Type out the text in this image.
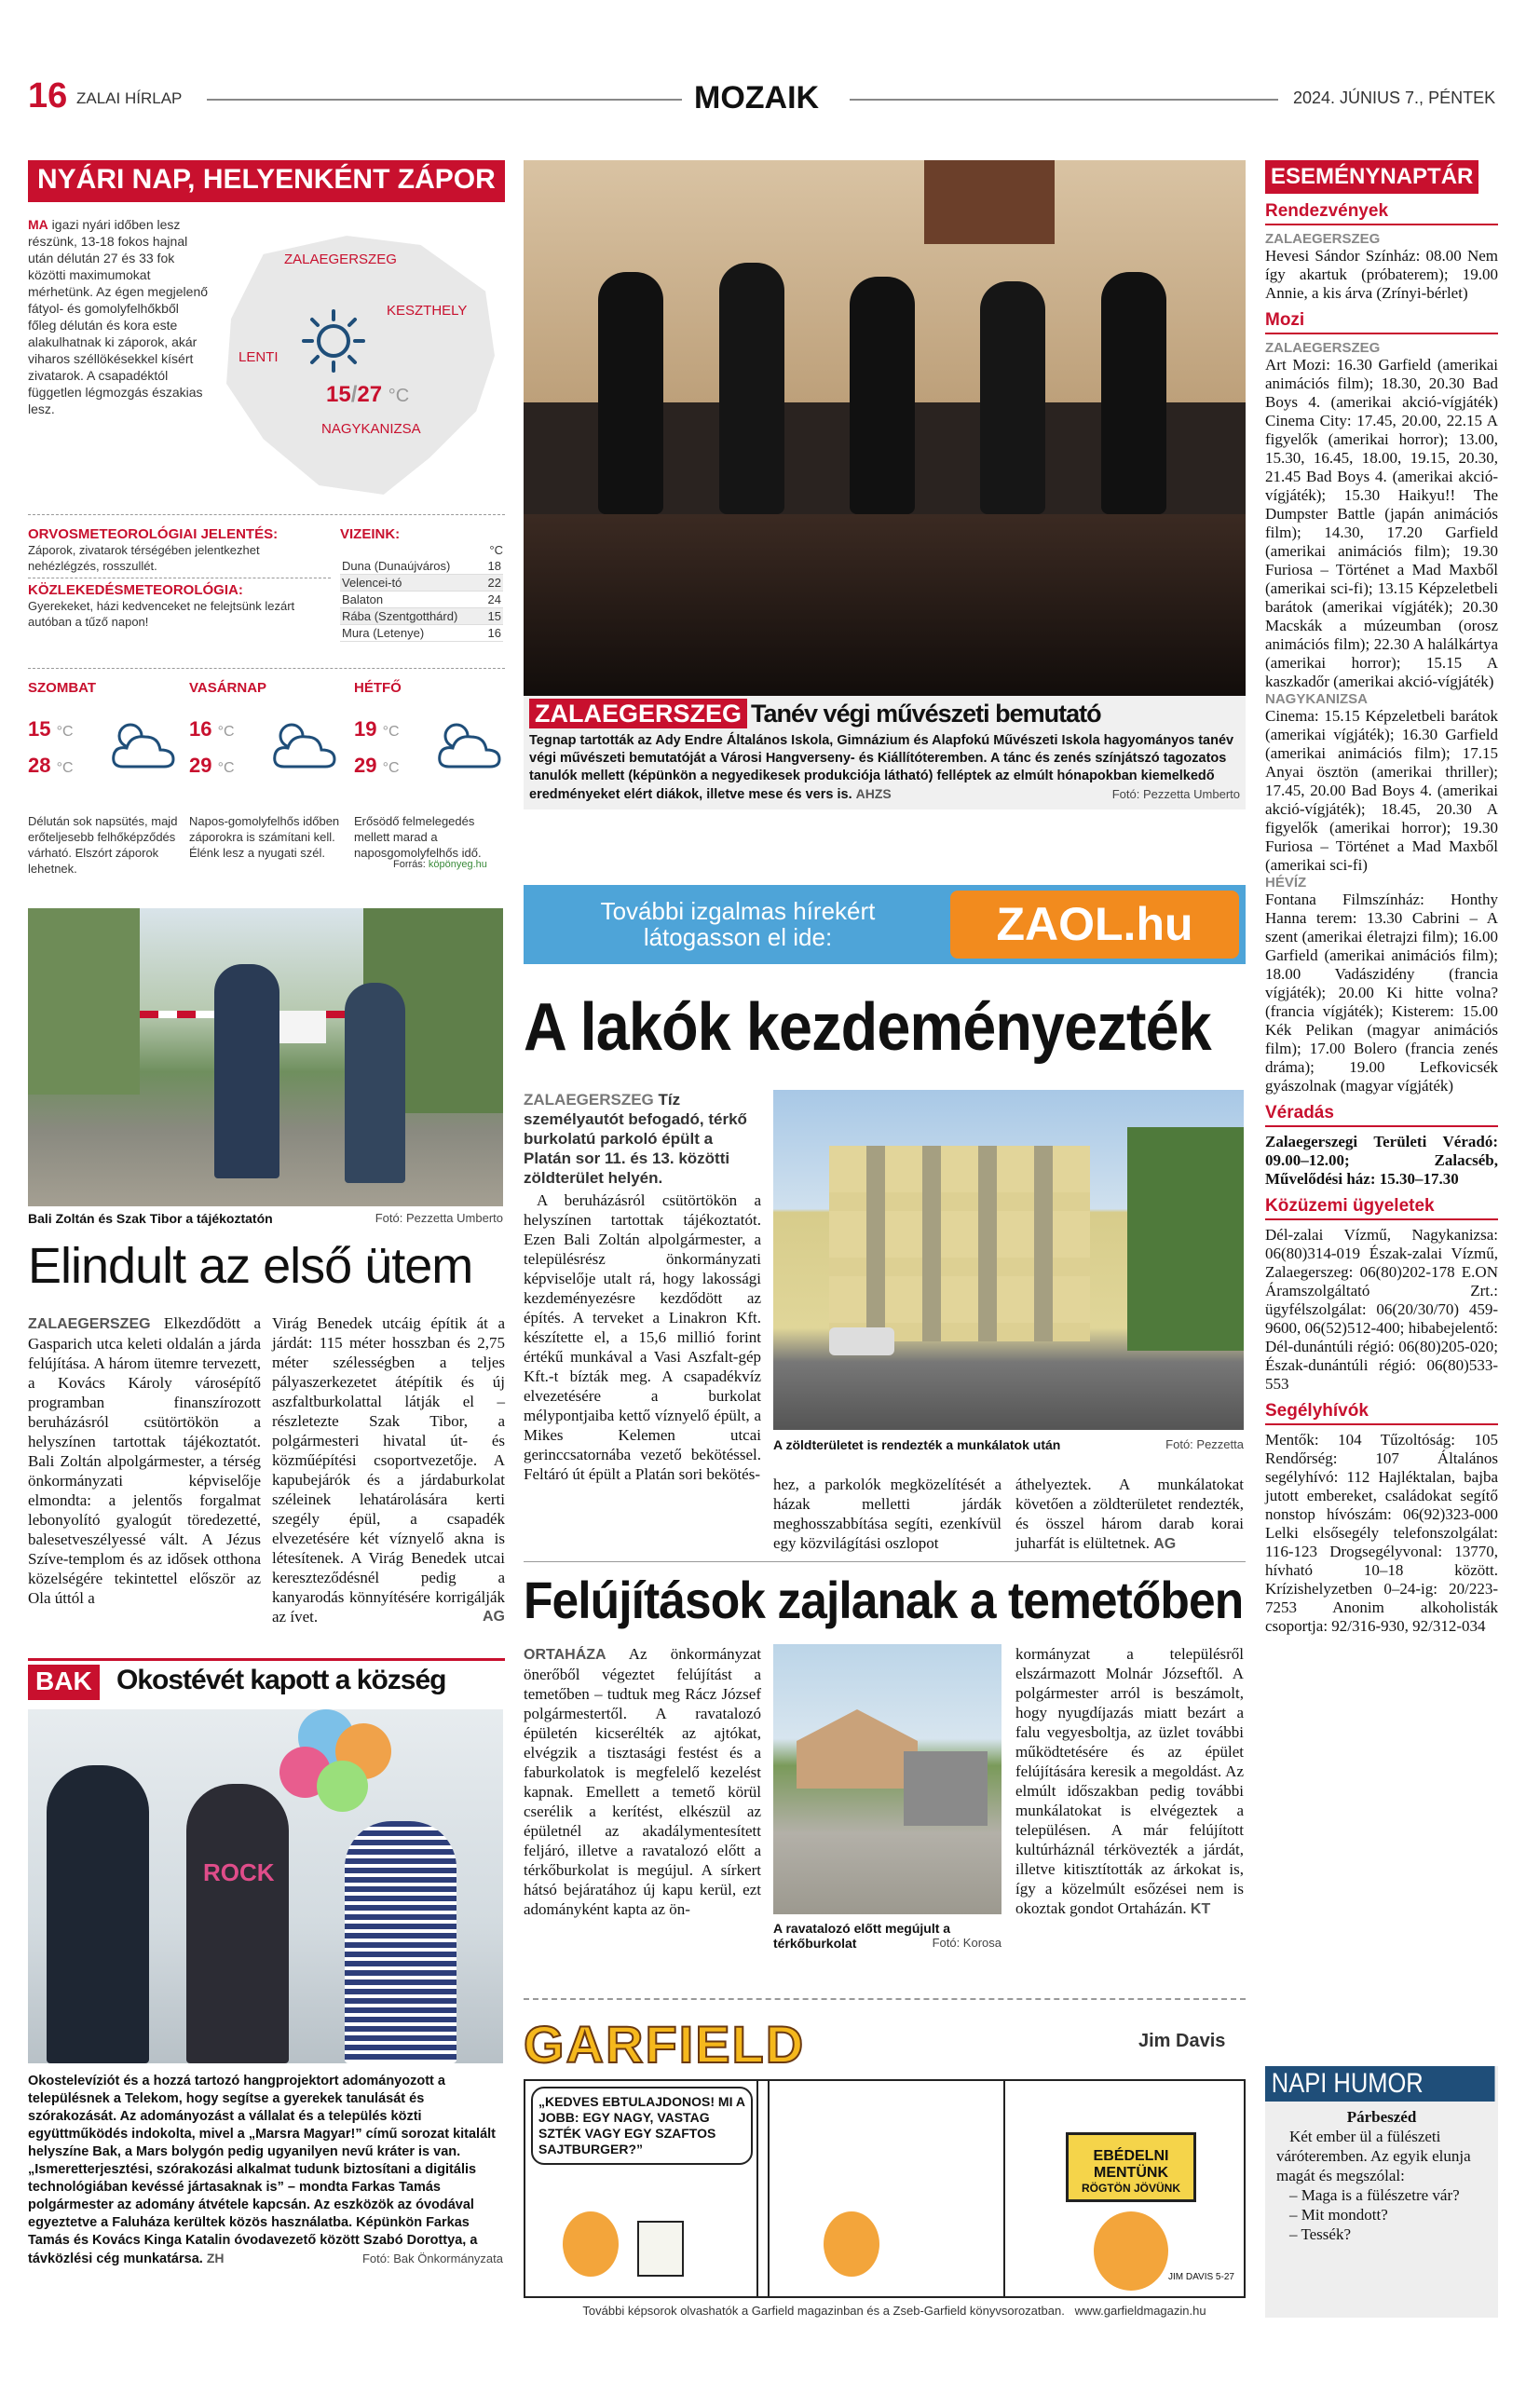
16 ZALAI HÍRLAP	MOZAIK	2024. JÚNIUS 7., PÉNTEK
NYÁRI NAP, HELYENKÉNT ZÁPOR
MA igazi nyári időben lesz részünk, 13-18 fokos hajnal után délután 27 és 33 fok közötti maximumokat mérhetünk. Az égen megjelenő fátyol- és gomolyfelhőkből főleg délután és kora este alakulhatnak ki záporok, akár viharos széllökésekkel kísért zivatarok. A csapadéktól független légmozgás északias lesz.
ZALAEGERSZEG
KESZTHELY
LENTI
NAGYKANIZSA
15/27 °C
ORVOSMETEOROLÓGIAI JELENTÉS:
Záporok, zivatarok térségében jelentkezhet nehézlégzés, rosszullét.
KÖZLEKEDÉSMETEOROLÓGIA:
Gyerekeket, házi kedvenceket ne felejtsünk lezárt autóban a tűző napon!
VIZEINK:
°C
Duna (Dunaújváros)	18
Velencei-tó	22
Balaton	24
Rába (Szentgotthárd)	15
Mura (Letenye)	16
SZOMBAT
15 °C
28 °C
Délután sok napsütés, majd erőteljesebb felhőképződés várható. Elszórt záporok lehetnek.
VASÁRNAP
16 °C
29 °C
Napos-gomolyfelhős időben záporokra is számítani kell. Élénk lesz a nyugati szél.
HÉTFŐ
19 °C
29 °C
Erősödő felmelegedés mellett marad a naposgomolyfelhős idő.
Forrás: köpönyeg.hu
Bali Zoltán és Szak Tibor a tájékoztatón	Fotó: Pezzetta Umberto
Elindult az első ütem
ZALAEGERSZEG Elkezdődött a Gasparich utca keleti oldalán a járda felújítása. A három ütemre tervezett, a Kovács Károly városépítő programban finanszírozott beruházásról csütörtökön a helyszínen tartottak tájékoztatót. Bali Zoltán alpolgármester, a térség önkormányzati képviselője elmondta: a jelentős forgalmat lebonyolító gyalogút töredezetté, balesetveszélyessé vált. A Jézus Szíve-templom és az idősek otthona közelségére tekintettel először az Ola úttól a
Virág Benedek utcáig építik át a járdát: 115 méter hosszban és 2,75 méter szélességben a teljes pályaszerkezetet átépítik és új aszfaltburkolattal látják el – részletezte Szak Tibor, a polgármesteri hivatal út- és közműépítési csoportvezetője. A kapubejárók és a járdaburkolat széleinek lehatárolására kerti szegély épül, a csapadék elvezetésére két víznyelő akna is létesítenek. A Virág Benedek utcai kereszteződésnél pedig a kanyarodás könnyítésére korrigálják az ívet.	AG
BAK Okostévét kapott a község
ROCK
Okostelevíziót és a hozzá tartozó hangprojektort adományozott a településnek a Telekom, hogy segítse a gyerekek tanulását és szórakozását. Az adományozást a vállalat és a település közti együttműködés indokolta, mivel a „Marsra Magyar!” című sorozat kitalált helyszíne Bak, a Mars bolygón pedig ugyanilyen nevű kráter is van. „Ismeretterjesztési, szórakozási alkalmat tudunk biztosítani a digitális technológiában kevéssé jártasaknak is” – mondta Farkas Tamás polgármester az adomány átvétele kapcsán. Az eszközök az óvodával egyeztetve a Faluháza kerültek közös használatba. Képünkön Farkas Tamás és Kovács Kinga Katalin óvodavezető között Szabó Dorottya, a távközlési cég munkatársa. ZH	Fotó: Bak Önkormányzata
ZALAEGERSZEG Tanév végi művészeti bemutató
Tegnap tartották az Ady Endre Általános Iskola, Gimnázium és Alapfokú Művészeti Iskola hagyományos tanév végi művészeti bemutatóját a Városi Hangverseny- és Kiállítóteremben. A tánc és zenés színjátszó tagozatos tanulók mellett (képünkön a negyedikesek produkciója látható) felléptek az elmúlt hónapokban kiemelkedő eredményeket elért diákok, illetve mese és vers is. AHZS	Fotó: Pezzetta Umberto
További izgalmas hírekért
látogasson el ide:	ZAOL.hu
A lakók kezdeményezték
ZALAEGERSZEG Tíz személyautót befogadó, térkő burkolatú parkoló épült a Platán sor 11. és 13. közötti zöldterület helyén.
A beruházásról csütörtökön a helyszínen tartottak tájékoztatót. Ezen Bali Zoltán alpolgármester, a településrész önkormányzati képviselője utalt rá, hogy lakossági kezdeményezésre kezdődött az építés. A terveket a Linakron Kft. készítette el, a 15,6 millió forint értékű munkával a Vasi Aszfalt-gép Kft.-t bízták meg. A csapadékvíz elvezetésére a burkolat mélypontjaiba kettő víznyelő épült, a Mikes Kelemen utcai gerinccsatornába vezető bekötéssel. Feltáró út épült a Platán sori bekötés-
A zöldterületet is rendezték a munkálatok után	Fotó: Pezzetta
hez, a parkolók megközelítését a házak melletti járdák meghosszabbítása segíti, ezenkívül egy közvilágítási oszlopot
áthelyeztek. A munkálatokat követően a zöldterületet rendezték, és összel három darab korai juharfát is elültetnek. AG
Felújítások zajlanak a temetőben
ORTAHÁZA Az önkormányzat önerőből végeztet felújítást a temetőben – tudtuk meg Rácz József polgármestertől. A ravatalozó épületén kicserélték az ajtókat, elvégzik a tisztasági festést és a faburkolatok is megfelelő kezelést kapnak. Emellett a temető körül cserélik a kerítést, elkészül az épületnél az akadálymentesített feljáró, illetve a ravatalozó előtt a térkőburkolat is megújul. A sírkert hátsó bejáratához új kapu kerül, ezt adományként kapta az ön-
A ravatalozó előtt megújult a térkőburkolat	Fotó: Korosa
kormányzat a településről elszármazott Molnár Józseftől. A polgármester arról is beszámolt, hogy nyugdíjazás miatt bezárt a falu vegyesboltja, az üzlet további működtetésére és az épület felújítására keresik a megoldást. Az elmúlt időszakban pedig további munkálatokat is elvégeztek a településen. A már felújított kultúrháznál térkövezték a járdát, illetve kitisztították az árkokat is, így a közelmúlt esőzései nem is okoztak gondot Ortaházán. KT
GARFIELD	Jim Davis
„KEDVES EBTULAJDONOS! MI A JOBB: EGY NAGY, VASTAG SZTÉK VAGY EGY SZAFTOS SAJTBURGER?”	EBÉDELNI MENTÜNK
RÖGTÖN JÖVÜNK
JIM DAVIS 5-27
További képsorok olvashatók a Garfield magazinban és a Zseb-Garfield könyvsorozatban. www.garfieldmagazin.hu
ESEMÉNYNAPTÁR
Rendezvények
ZALAEGERSZEG

Hevesi Sándor Színház: 08.00 Nem így akartuk (próbaterem); 19.00 Annie, a kis árva (Zrínyi-bérlet)

Mozi
ZALAEGERSZEG

Art Mozi: 16.30 Garfield (amerikai animációs film); 18.30, 20.30 Bad Boys 4. (amerikai akció-vígjáték) Cinema City: 17.45, 20.00, 22.15 A figyelők (amerikai horror); 13.00, 15.30, 16.45, 18.00, 19.15, 20.30, 21.45 Bad Boys 4. (amerikai akció-vígjáték); 15.30 Haikyu!! The Dumpster Battle (japán animációs film); 14.30, 17.20 Garfield (amerikai animációs film); 19.30 Furiosa – Történet a Mad Maxből (amerikai sci-fi); 13.15 Képzeletbeli barátok (amerikai vígjáték); 20.30 Macskák a múzeumban (orosz animációs film); 22.30 A halálkártya (amerikai horror); 15.15 A kaszkadőr (amerikai akció-vígjáték)

NAGYKANIZSA

Cinema: 15.15 Képzeletbeli barátok (amerikai vígjáték); 16.30 Garfield (amerikai animációs film); 17.15 Anyai ösztön (amerikai thriller); 17.45, 20.00 Bad Boys 4. (amerikai akció-vígjáték); 18.45, 20.30 A figyelők (amerikai horror); 19.30 Furiosa – Történet a Mad Maxből (amerikai sci-fi)

HÉVÍZ

Fontana Filmszínház: Honthy Hanna terem: 13.30 Cabrini – A szent (amerikai életrajzi film); 16.00 Garfield (amerikai animációs film); 18.00 Vadászidény (francia vígjáték); 20.00 Ki hitte volna? (francia vígjáték); Kisterem: 15.00 Kék Pelikan (magyar animációs film); 17.00 Bolero (francia zenés dráma); 19.00 Lefkovicsék gyászolnak (magyar vígjáték)

Véradás

Zalaegerszegi Területi Véradó: 09.00–12.00; Zalacséb, Művelődési ház: 15.30–17.30

Közüzemi ügyeletek

Dél-zalai Vízmű, Nagykanizsa: 06(80)314-019 Észak-zalai Vízmű, Zalaegerszeg: 06(80)202-178 E.ON Áramszolgáltató Zrt.: ügyfélszolgálat: 06(20/30/70) 459-9600, 06(52)512-400; hibabejelentő: Dél-dunántúli régió: 06(80)205-020; Észak-dunántúli régió: 06(80)533-553

Segélyhívók

Mentők: 104 Tűzoltóság: 105 Rendőrség: 107 Általános segélyhívó: 112 Hajléktalan, bajba jutott embereket, családokat segítő nonstop hívószám: 06(92)323-000 Lelki elsősegély telefonszolgálat: 116-123 Drogsegélyvonal: 13770, hívható 10–18 között. Krízishelyzetben 0–24-ig: 20/223-7253 Anonim alkoholisták csoportja: 92/316-930, 92/312-034

NAPI HUMOR
Párbeszéd
Két ember ül a fülészeti váróteremben. Az egyik elunja magát és megszólal:
– Maga is a fülészetre vár?
– Mit mondott?
– Tessék?
